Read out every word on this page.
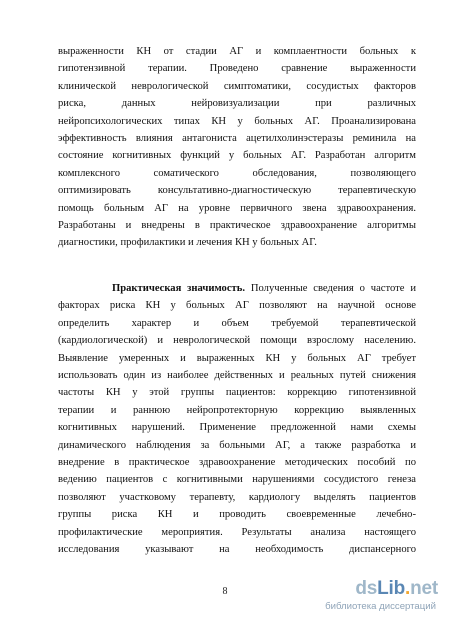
выраженности КН от стадии АГ и комплаентности больных к
гипотензивной терапии. Проведено сравнение выраженности
клинической неврологической симптоматики, сосудистых факторов
риска, данных нейровизуализации при различных
нейропсихологических типах КН у больных АГ. Проанализирована
эффективность влияния антагониста ацетилхолинэстеразы реминила на
состояние когнитивных функций у больных АГ. Разработан алгоритм
комплексного соматического обследования, позволяющего
оптимизировать консультативно-диагностическую терапевтическую
помощь больным АГ на уровне первичного звена здравоохранения.
Разработаны и внедрены в практическое здравоохранение алгоритмы
диагностики, профилактики и лечения КН у больных АГ.
Практическая значимость. Полученные сведения о частоте и
факторах риска КН у больных АГ позволяют на научной основе
определить характер и объем требуемой терапевтической
(кардиологической) и неврологической помощи взрослому населению.
Выявление умеренных и выраженных КН у больных АГ требует
использовать один из наиболее действенных и реальных путей снижения
частоты КН у этой группы пациентов: коррекцию гипотензивной
терапии и раннюю нейропротекторную коррекцию выявленных
когнитивных нарушений. Применение предложенной нами схемы
динамического наблюдения за больными АГ, а также разработка и
внедрение в практическое здравоохранение методических пособий по
ведению пациентов с когнитивными нарушениями сосудистого генеза
позволяют участковому терапевту, кардиологу выделять пациентов
группы риска КН и проводить своевременные лечебно-
профилактические мероприятия. Результаты анализа настоящего
исследования указывают на необходимость диспансерного
8	dsLib.net
библиотека диссертаций
